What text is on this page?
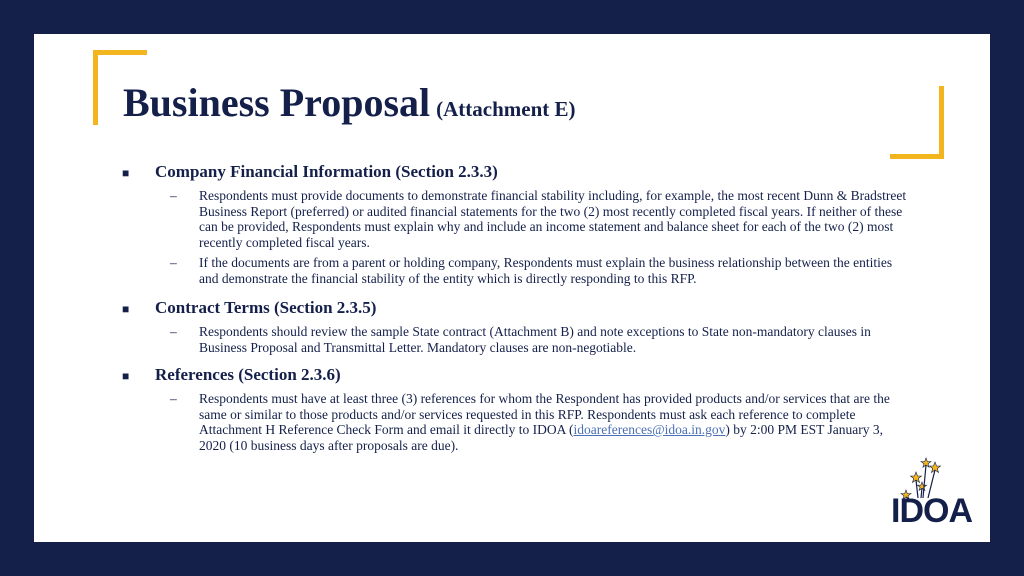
Business Proposal (Attachment E)
■	Company Financial Information (Section 2.3.3)
–	Respondents must provide documents to demonstrate financial stability including, for example, the most recent Dunn & Bradstreet Business Report (preferred) or audited financial statements for the two (2) most recently completed fiscal years. If neither of these can be provided, Respondents must explain why and include an income statement and balance sheet for each of the two (2) most recently completed fiscal years.
–	If the documents are from a parent or holding company, Respondents must explain the business relationship between the entities and demonstrate the financial stability of the entity which is directly responding to this RFP.
■	Contract Terms (Section 2.3.5)
–	Respondents should review the sample State contract (Attachment B) and note exceptions to State non-mandatory clauses in Business Proposal and Transmittal Letter. Mandatory clauses are non-negotiable.
■	References (Section 2.3.6)
–	Respondents must have at least three (3) references for whom the Respondent has provided products and/or services that are the same or similar to those products and/or services requested in this RFP. Respondents must ask each reference to complete Attachment H Reference Check Form and email it directly to IDOA (idoareferences@idoa.in.gov) by 2:00 PM EST January 3, 2020 (10 business days after proposals are due).
IDOA
